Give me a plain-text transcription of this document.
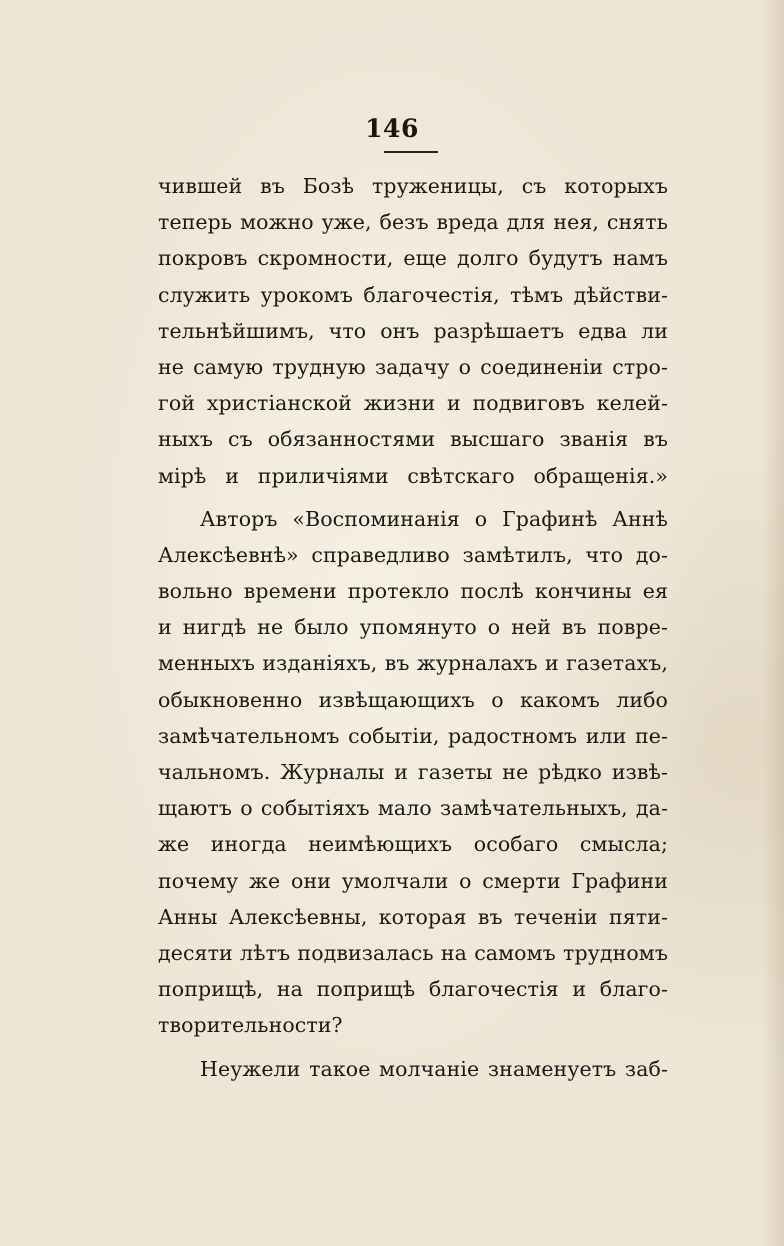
146
чившей въ Бозѣ труженицы, съ которыхъ
теперь можно уже, безъ вреда для нея, снять
покровъ скромности, еще долго будутъ намъ
служить урокомъ благочестія, тѣмъ дѣйстви-
тельнѣйшимъ, что онъ разрѣшаетъ едва ли
не самую трудную задачу о соединеніи стро-
гой христіанской жизни и подвиговъ келей-
ныхъ съ обязанностями высшаго званія въ
мірѣ и приличіями свѣтскаго обращенія.»
Авторъ «Воспоминанія о Графинѣ Аннѣ
Алексѣевнѣ» справедливо замѣтилъ, что до-
вольно времени протекло послѣ кончины ея
и нигдѣ не было упомянуто о ней въ повре-
менныхъ изданіяхъ, въ журналахъ и газетахъ,
обыкновенно извѣщающихъ о какомъ либо
замѣчательномъ событіи, радостномъ или пе-
чальномъ. Журналы и газеты не рѣдко извѣ-
щаютъ о событіяхъ мало замѣчательныхъ, да-
же иногда неимѣющихъ особаго смысла;
почему же они умолчали о смерти Графини
Анны Алексѣевны, которая въ теченіи пяти-
десяти лѣтъ подвизалась на самомъ трудномъ
поприщѣ, на поприщѣ благочестія и благо-
творительности?
Неужели такое молчаніе знаменуетъ заб-
